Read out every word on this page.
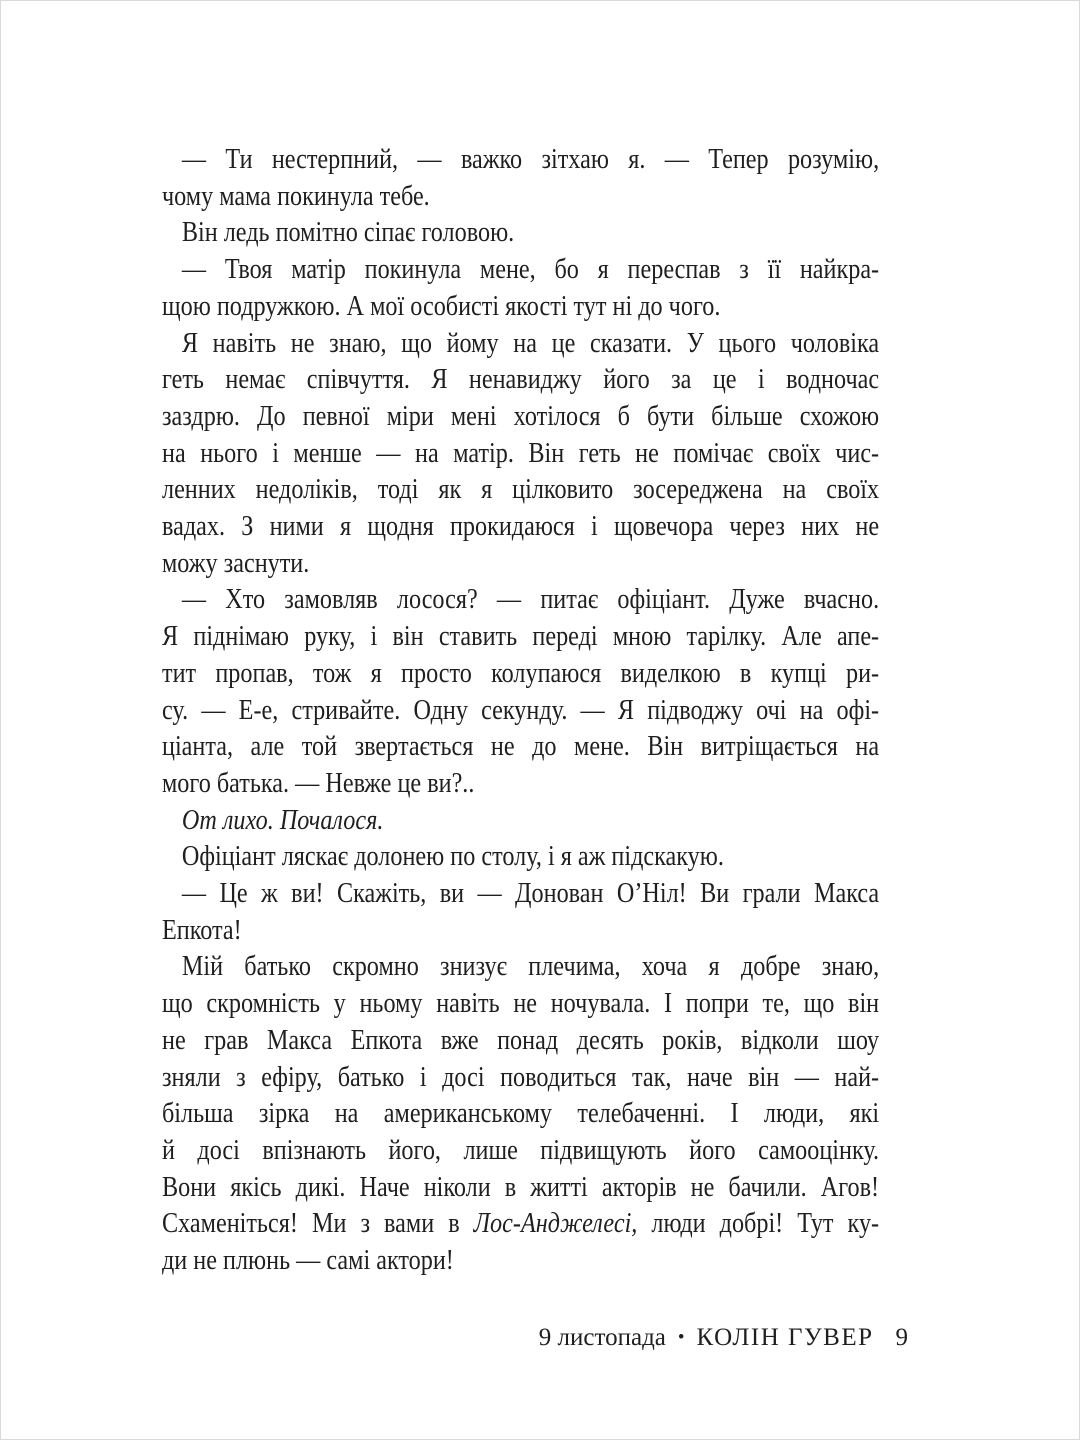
— Ти нестерпний, — важко зітхаю я. — Тепер розумію,
чому мама покинула тебе.
Він ледь помітно сіпає головою.
— Твоя матір покинула мене, бо я переспав з її найкра-
щою подружкою. А мої особисті якості тут ні до чого.
Я навіть не знаю, що йому на це сказати. У цього чоловіка
геть немає співчуття. Я ненавиджу його за це і водночас
заздрю. До певної міри мені хотілося б бути більше схожою
на нього і менше — на матір. Він геть не помічає своїх чис-
ленних недоліків, тоді як я цілковито зосереджена на своїх
вадах. З ними я щодня прокидаюся і щовечора через них не
можу заснути.
— Хто замовляв лосося? — питає офіціант. Дуже вчасно.
Я піднімаю руку, і він ставить переді мною тарілку. Але апе-
тит пропав, тож я просто колупаюся виделкою в купці ри-
су. — Е-е, стривайте. Одну секунду. — Я підводжу очі на офі-
ціанта, але той звертається не до мене. Він витріщається на
мого батька. — Невже це ви?..
От лихо. Почалося.
Офіціант ляскає долонею по столу, і я аж підскакую.
— Це ж ви! Скажіть, ви — Донован О’Ніл! Ви грали Макса
Епкота!
Мій батько скромно знизує плечима, хоча я добре знаю,
що скромність у ньому навіть не ночувала. І попри те, що він
не грав Макса Епкота вже понад десять років, відколи шоу
зняли з ефіру, батько і досі поводиться так, наче він — най-
більша зірка на американському телебаченні. І люди, які
й досі впізнають його, лише підвищують його самооцінку.
Вони якісь дикі. Наче ніколи в житті акторів не бачили. Агов!
Схаменіться! Ми з вами в Лос-Анджелесі, люди добрі! Тут ку-
ди не плюнь — самі актори!
9 листопада • КОЛІН ГУВЕР 9
